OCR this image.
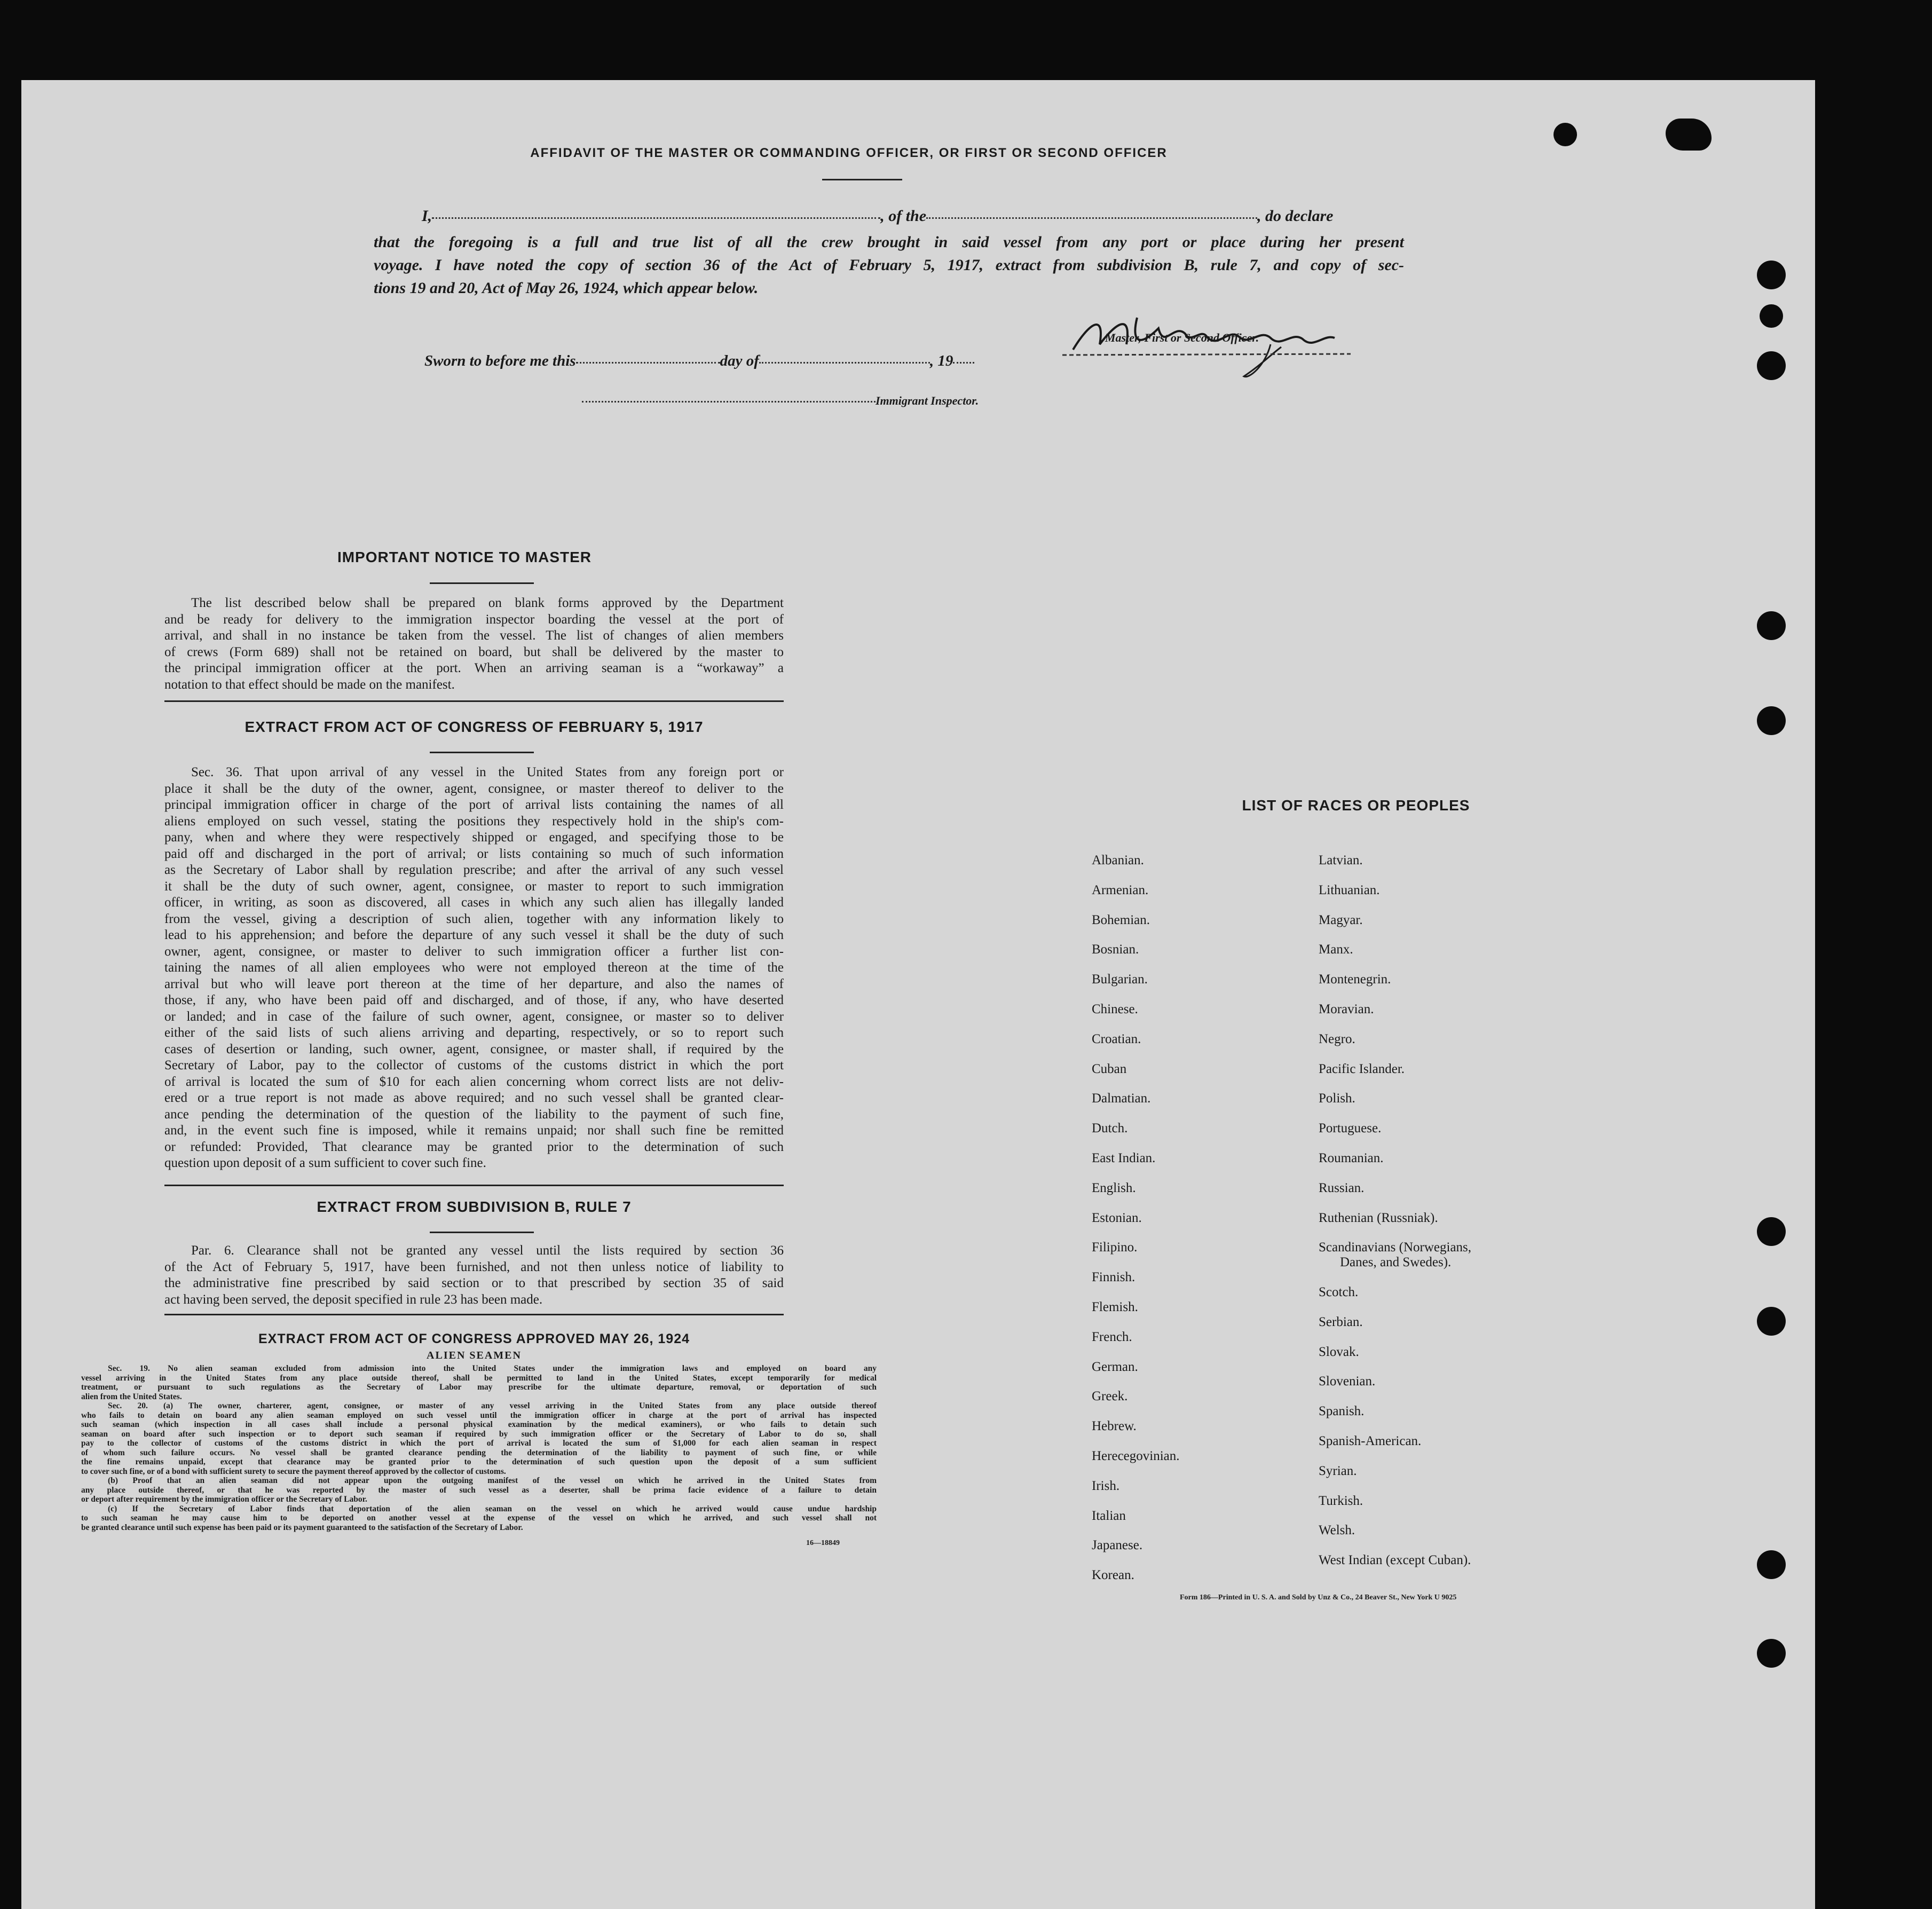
AFFIDAVIT OF THE MASTER OR COMMANDING OFFICER, OR FIRST OR SECOND OFFICER
I,	, of the	, do declare
that the foregoing is a full and true list of all the crew brought in said vessel from any port or place during her present
voyage. I have noted the copy of section 36 of the Act of February 5, 1917, extract from subdivision B, rule 7, and copy of sec-
tions 19 and 20, Act of May 26, 1924, which appear below.
Master, First or Second Officer.
Sworn to before me this	day of	, 19
Immigrant Inspector.
IMPORTANT NOTICE TO MASTER
The list described below shall be prepared on blank forms approved by the Department
and be ready for delivery to the immigration inspector boarding the vessel at the port of
arrival, and shall in no instance be taken from the vessel. The list of changes of alien members
of crews (Form 689) shall not be retained on board, but shall be delivered by the master to
the principal immigration officer at the port. When an arriving seaman is a “workaway” a
notation to that effect should be made on the manifest.
EXTRACT FROM ACT OF CONGRESS OF FEBRUARY 5, 1917
Sec. 36. That upon arrival of any vessel in the United States from any foreign port or
place it shall be the duty of the owner, agent, consignee, or master thereof to deliver to the
principal immigration officer in charge of the port of arrival lists containing the names of all
aliens employed on such vessel, stating the positions they respectively hold in the ship's com-
pany, when and where they were respectively shipped or engaged, and specifying those to be
paid off and discharged in the port of arrival; or lists containing so much of such information
as the Secretary of Labor shall by regulation prescribe; and after the arrival of any such vessel
it shall be the duty of such owner, agent, consignee, or master to report to such immigration
officer, in writing, as soon as discovered, all cases in which any such alien has illegally landed
from the vessel, giving a description of such alien, together with any information likely to
lead to his apprehension; and before the departure of any such vessel it shall be the duty of such
owner, agent, consignee, or master to deliver to such immigration officer a further list con-
taining the names of all alien employees who were not employed thereon at the time of the
arrival but who will leave port thereon at the time of her departure, and also the names of
those, if any, who have been paid off and discharged, and of those, if any, who have deserted
or landed; and in case of the failure of such owner, agent, consignee, or master so to deliver
either of the said lists of such aliens arriving and departing, respectively, or so to report such
cases of desertion or landing, such owner, agent, consignee, or master shall, if required by the
Secretary of Labor, pay to the collector of customs of the customs district in which the port
of arrival is located the sum of $10 for each alien concerning whom correct lists are not deliv-
ered or a true report is not made as above required; and no such vessel shall be granted clear-
ance pending the determination of the question of the liability to the payment of such fine,
and, in the event such fine is imposed, while it remains unpaid; nor shall such fine be remitted
or refunded: Provided, That clearance may be granted prior to the determination of such
question upon deposit of a sum sufficient to cover such fine.
EXTRACT FROM SUBDIVISION B, RULE 7
Par. 6. Clearance shall not be granted any vessel until the lists required by section 36
of the Act of February 5, 1917, have been furnished, and not then unless notice of liability to
the administrative fine prescribed by said section or to that prescribed by section 35 of said
act having been served, the deposit specified in rule 23 has been made.
EXTRACT FROM ACT OF CONGRESS APPROVED MAY 26, 1924
ALIEN SEAMEN
Sec. 19. No alien seaman excluded from admission into the United States under the immigration laws and employed on board any
vessel arriving in the United States from any place outside thereof, shall be permitted to land in the United States, except temporarily for medical
treatment, or pursuant to such regulations as the Secretary of Labor may prescribe for the ultimate departure, removal, or deportation of such
alien from the United States.
Sec. 20. (a) The owner, charterer, agent, consignee, or master of any vessel arriving in the United States from any place outside thereof
who fails to detain on board any alien seaman employed on such vessel until the immigration officer in charge at the port of arrival has inspected
such seaman (which inspection in all cases shall include a personal physical examination by the medical examiners), or who fails to detain such
seaman on board after such inspection or to deport such seaman if required by such immigration officer or the Secretary of Labor to do so, shall
pay to the collector of customs of the customs district in which the port of arrival is located the sum of $1,000 for each alien seaman in respect
of whom such failure occurs. No vessel shall be granted clearance pending the determination of the liability to payment of such fine, or while
the fine remains unpaid, except that clearance may be granted prior to the determination of such question upon the deposit of a sum sufficient
to cover such fine, or of a bond with sufficient surety to secure the payment thereof approved by the collector of customs.
(b) Proof that an alien seaman did not appear upon the outgoing manifest of the vessel on which he arrived in the United States from
any place outside thereof, or that he was reported by the master of such vessel as a deserter, shall be prima facie evidence of a failure to detain
or deport after requirement by the immigration officer or the Secretary of Labor.
(c) If the Secretary of Labor finds that deportation of the alien seaman on the vessel on which he arrived would cause undue hardship
to such seaman he may cause him to be deported on another vessel at the expense of the vessel on which he arrived, and such vessel shall not
be granted clearance until such expense has been paid or its payment guaranteed to the satisfaction of the Secretary of Labor.
16—18849
LIST OF RACES OR PEOPLES
Albanian.
Armenian.
Bohemian.
Bosnian.
Bulgarian.
Chinese.
Croatian.
Cuban
Dalmatian.
Dutch.
East Indian.
English.
Estonian.
Filipino.
Finnish.
Flemish.
French.
German.
Greek.
Hebrew.
Herecegovinian.
Irish.
Italian
Japanese.
Korean.
Latvian.
Lithuanian.
Magyar.
Manx.
Montenegrin.
Moravian.
Negro.
Pacific Islander.
Polish.
Portuguese.
Roumanian.
Russian.
Ruthenian (Russniak).
Scandinavians (Norwegians,
Danes, and Swedes).
Scotch.
Serbian.
Slovak.
Slovenian.
Spanish.
Spanish-American.
Syrian.
Turkish.
Welsh.
West Indian (except Cuban).
Form 186—Printed in U. S. A. and Sold by Unz & Co., 24 Beaver St., New York U 9025
